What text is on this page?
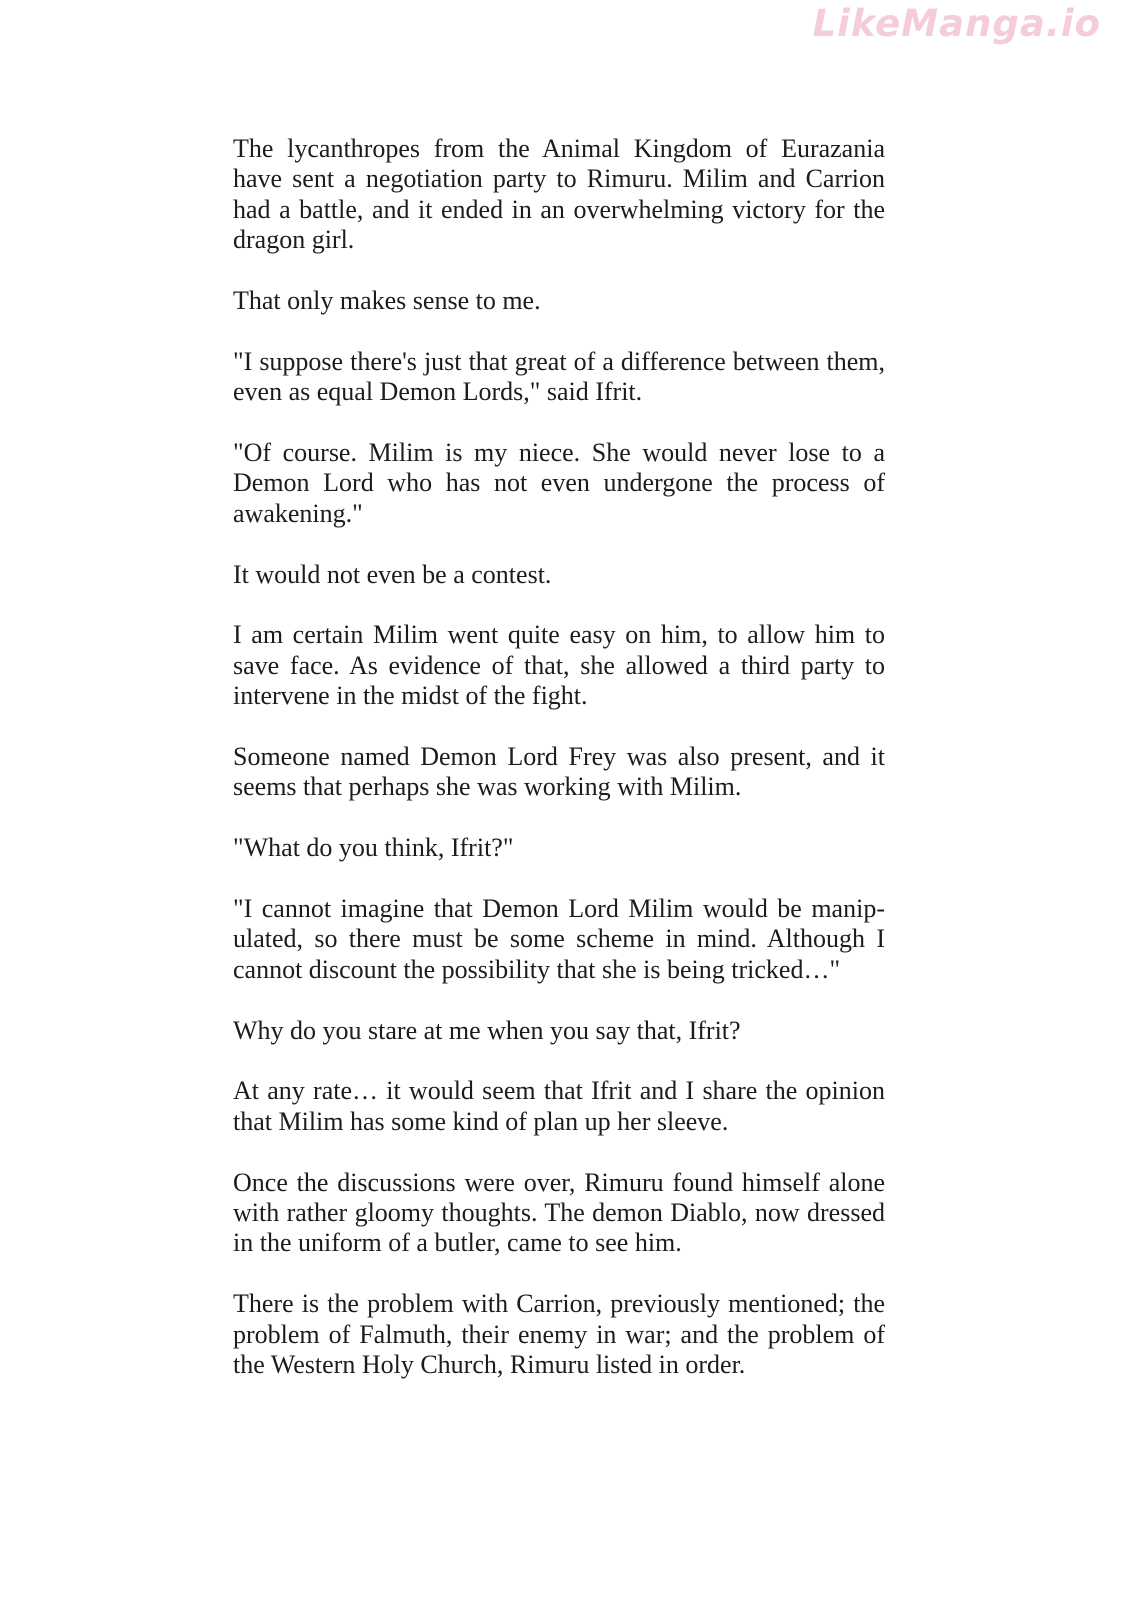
LikeManga.io

The lycanthropes from the Animal Kingdom of Eurazania have sent a negotiation party to Rimuru. Milim and Carrion had a battle, and it ended in an overwhelming victory for the dragon girl.

That only makes sense to me.

"I suppose there's just that great of a difference between them, even as equal Demon Lords," said Ifrit.

"Of course. Milim is my niece. She would never lose to a Demon Lord who has not even undergone the process of awakening."

It would not even be a contest.

I am certain Milim went quite easy on him, to allow him to save face. As evidence of that, she allowed a third party to intervene in the midst of the fight.

Someone named Demon Lord Frey was also present, and it seems that perhaps she was working with Milim.

"What do you think, Ifrit?"

"I cannot imagine that Demon Lord Milim would be manipulated, so there must be some scheme in mind. Although I cannot discount the possibility that she is being tricked…"

Why do you stare at me when you say that, Ifrit?

At any rate… it would seem that Ifrit and I share the opinion that Milim has some kind of plan up her sleeve.

Once the discussions were over, Rimuru found himself alone with rather gloomy thoughts. The demon Diablo, now dressed in the uniform of a butler, came to see him.

There is the problem with Carrion, previously mentioned; the problem of Falmuth, their enemy in war; and the problem of the Western Holy Church, Rimuru listed in order.
